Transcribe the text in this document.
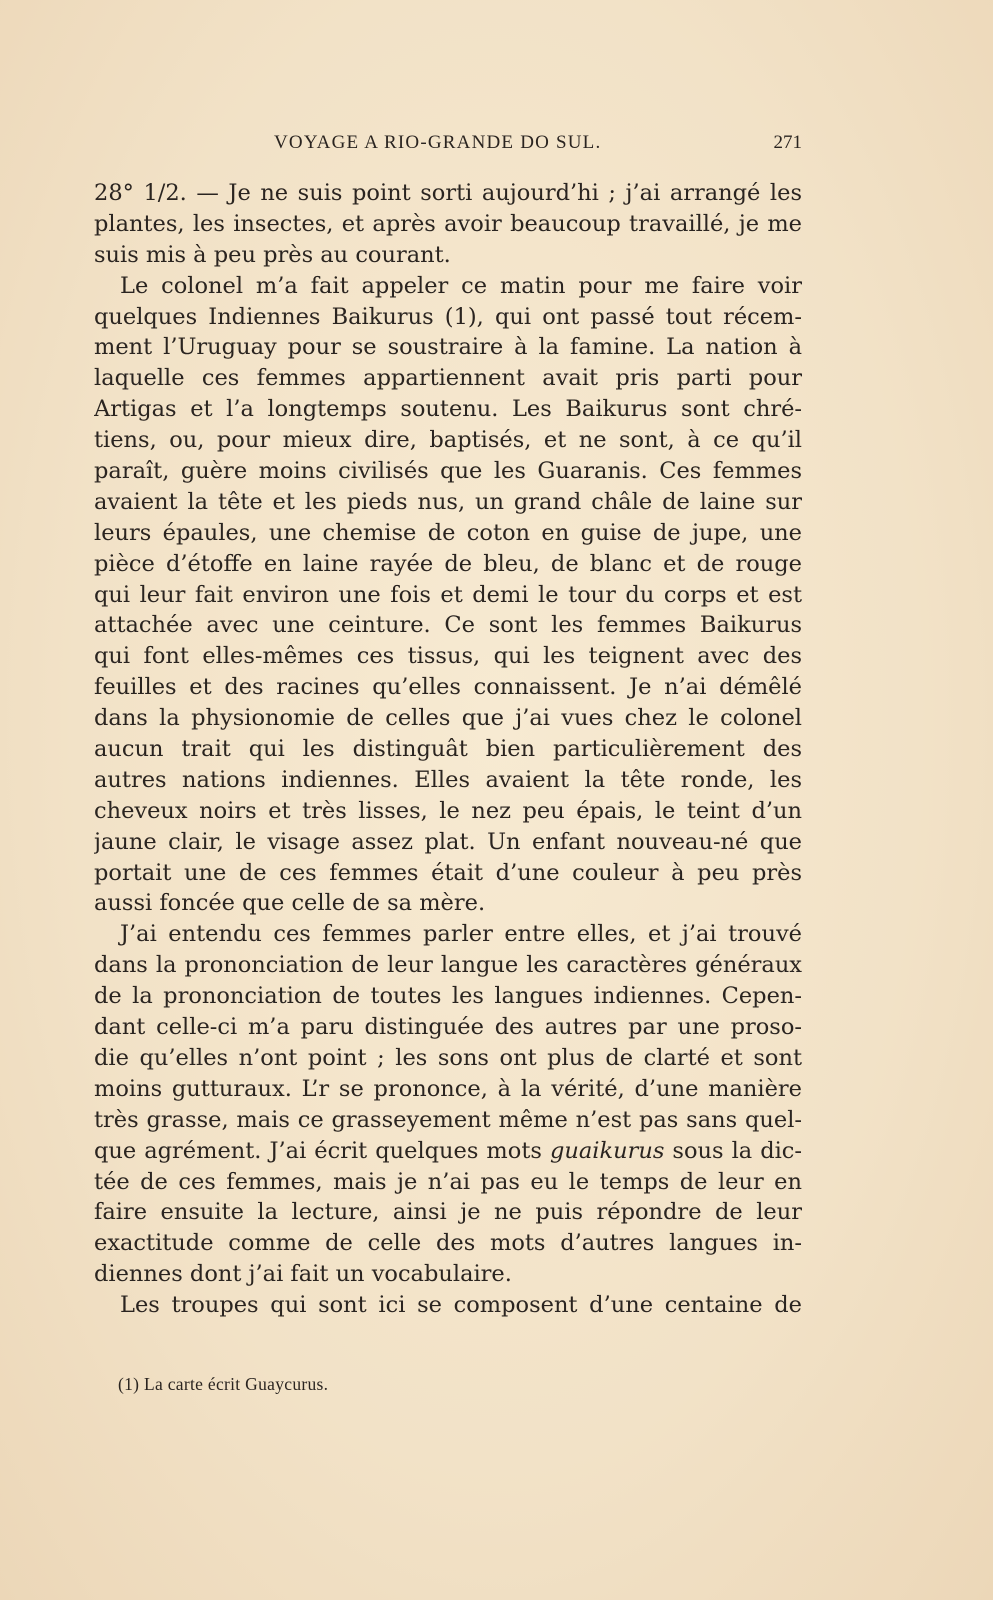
VOYAGE A RIO-GRANDE DO SUL.	271
28° 1/2. — Je ne suis point sorti aujourd’hi ; j’ai arrangé les
plantes, les insectes, et après avoir beaucoup travaillé, je me
suis mis à peu près au courant.
Le colonel m’a fait appeler ce matin pour me faire voir
quelques Indiennes Baikurus (1), qui ont passé tout récem-
ment l’Uruguay pour se soustraire à la famine. La nation à
laquelle ces femmes appartiennent avait pris parti pour
Artigas et l’a longtemps soutenu. Les Baikurus sont chré-
tiens, ou, pour mieux dire, baptisés, et ne sont, à ce qu’il
paraît, guère moins civilisés que les Guaranis. Ces femmes
avaient la tête et les pieds nus, un grand châle de laine sur
leurs épaules, une chemise de coton en guise de jupe, une
pièce d’étoffe en laine rayée de bleu, de blanc et de rouge
qui leur fait environ une fois et demi le tour du corps et est
attachée avec une ceinture. Ce sont les femmes Baikurus
qui font elles-mêmes ces tissus, qui les teignent avec des
feuilles et des racines qu’elles connaissent. Je n’ai démêlé
dans la physionomie de celles que j’ai vues chez le colonel
aucun trait qui les distinguât bien particulièrement des
autres nations indiennes. Elles avaient la tête ronde, les
cheveux noirs et très lisses, le nez peu épais, le teint d’un
jaune clair, le visage assez plat. Un enfant nouveau-né que
portait une de ces femmes était d’une couleur à peu près
aussi foncée que celle de sa mère.
J’ai entendu ces femmes parler entre elles, et j’ai trouvé
dans la prononciation de leur langue les caractères généraux
de la prononciation de toutes les langues indiennes. Cepen-
dant celle-ci m’a paru distinguée des autres par une proso-
die qu’elles n’ont point ; les sons ont plus de clarté et sont
moins gutturaux. L’r se prononce, à la vérité, d’une manière
très grasse, mais ce grasseyement même n’est pas sans quel-
que agrément. J’ai écrit quelques mots guaikurus sous la dic-
tée de ces femmes, mais je n’ai pas eu le temps de leur en
faire ensuite la lecture, ainsi je ne puis répondre de leur
exactitude comme de celle des mots d’autres langues in-
diennes dont j’ai fait un vocabulaire.
Les troupes qui sont ici se composent d’une centaine de
(1) La carte écrit Guaycurus.
